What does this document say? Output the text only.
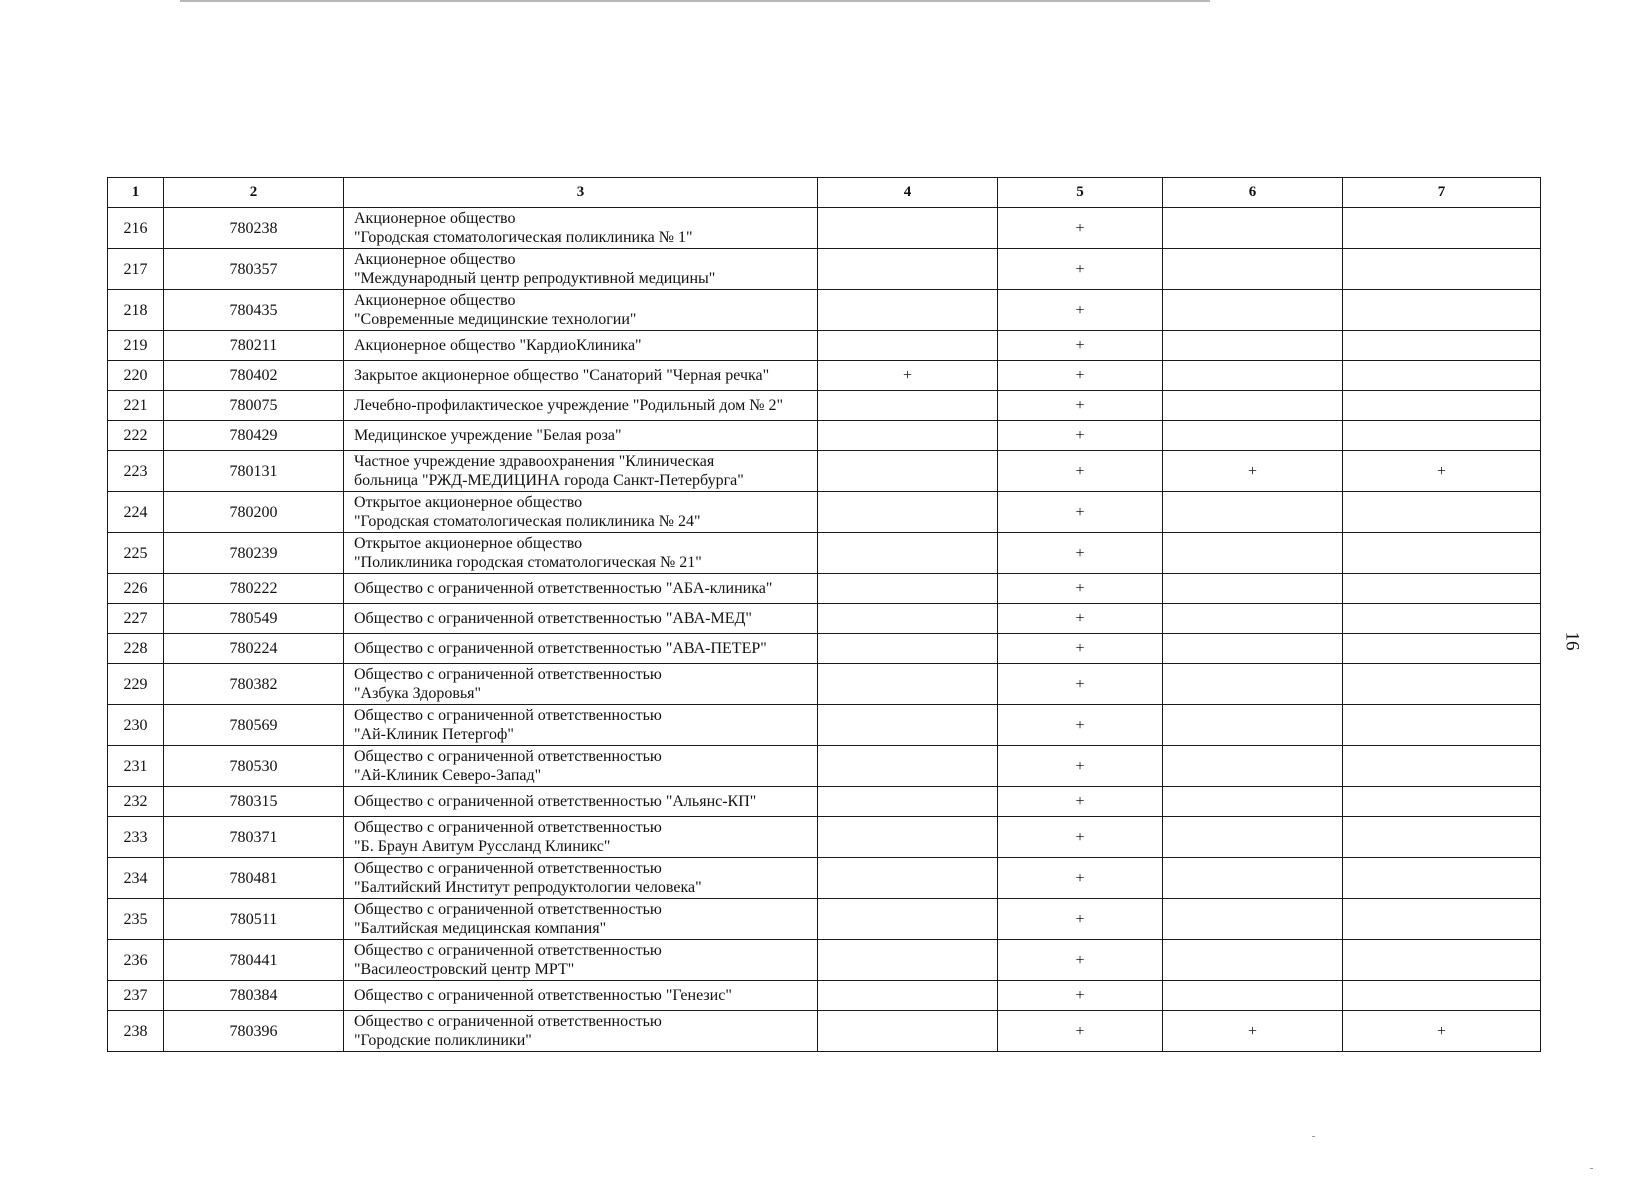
16
1	2	3	4	5	6	7
216	780238	Акционерное общество
"Городская стоматологическая поликлиника № 1"		+		
217	780357	Акционерное общество
"Международный центр репродуктивной медицины"		+		
218	780435	Акционерное общество
"Современные медицинские технологии"		+		
219	780211	Акционерное общество "КардиоКлиника"		+		
220	780402	Закрытое акционерное общество "Санаторий "Черная речка"	+	+		
221	780075	Лечебно-профилактическое учреждение "Родильный дом № 2"		+		
222	780429	Медицинское учреждение "Белая роза"		+		
223	780131	Частное учреждение здравоохранения "Клиническая
больница "РЖД-МЕДИЦИНА города Санкт-Петербурга"		+	+	+
224	780200	Открытое акционерное общество
"Городская стоматологическая поликлиника № 24"		+		
225	780239	Открытое акционерное общество
"Поликлиника городская стоматологическая № 21"		+		
226	780222	Общество с ограниченной ответственностью "АБА-клиника"		+		
227	780549	Общество с ограниченной ответственностью "АВА-МЕД"		+		
228	780224	Общество с ограниченной ответственностью "АВА-ПЕТЕР"		+		
229	780382	Общество с ограниченной ответственностью
"Азбука Здоровья"		+		
230	780569	Общество с ограниченной ответственностью
"Ай-Клиник Петергоф"		+		
231	780530	Общество с ограниченной ответственностью
"Ай-Клиник Северо-Запад"		+		
232	780315	Общество с ограниченной ответственностью "Альянс-КП"		+		
233	780371	Общество с ограниченной ответственностью
"Б. Браун Авитум Руссланд Клиникс"		+		
234	780481	Общество с ограниченной ответственностью
"Балтийский Институт репродуктологии человека"		+		
235	780511	Общество с ограниченной ответственностью
"Балтийская медицинская компания"		+		
236	780441	Общество с ограниченной ответственностью
"Василеостровский центр МРТ"		+		
237	780384	Общество с ограниченной ответственностью "Генезис"		+		
238	780396	Общество с ограниченной ответственностью
"Городские поликлиники"		+	+	+
